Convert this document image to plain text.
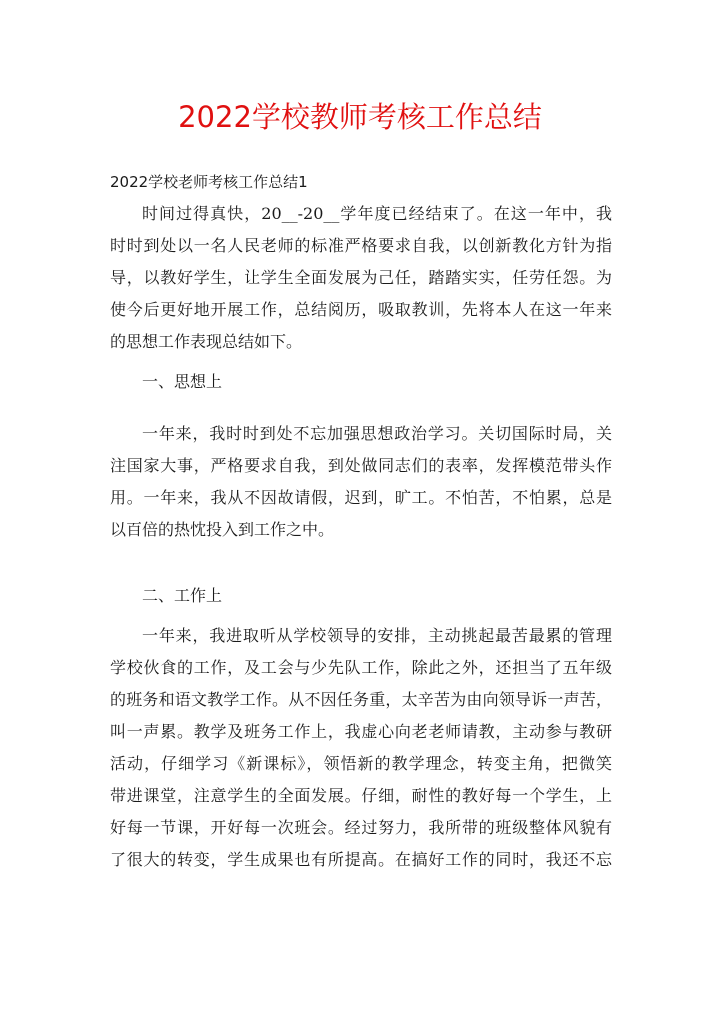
2022学校教师考核工作总结
2022学校老师考核工作总结1
时间过得真快，20__-20__学年度已经结束了。在这一年中，我
时时到处以一名人民老师的标准严格要求自我，以创新教化方针为指
导，以教好学生，让学生全面发展为己任，踏踏实实，任劳任怨。为
使今后更好地开展工作，总结阅历，吸取教训，先将本人在这一年来
的思想工作表现总结如下。
一、思想上
一年来，我时时到处不忘加强思想政治学习。关切国际时局，关
注国家大事，严格要求自我，到处做同志们的表率，发挥模范带头作
用。一年来，我从不因故请假，迟到，旷工。不怕苦，不怕累，总是
以百倍的热忱投入到工作之中。
二、工作上
一年来，我进取听从学校领导的安排，主动挑起最苦最累的管理
学校伙食的工作，及工会与少先队工作，除此之外，还担当了五年级
的班务和语文教学工作。从不因任务重，太辛苦为由向领导诉一声苦，
叫一声累。教学及班务工作上，我虚心向老老师请教，主动参与教研
活动，仔细学习《新课标》，领悟新的教学理念，转变主角，把微笑
带进课堂，注意学生的全面发展。仔细，耐性的教好每一个学生，上
好每一节课，开好每一次班会。经过努力，我所带的班级整体风貌有
了很大的转变，学生成果也有所提高。在搞好工作的同时，我还不忘
